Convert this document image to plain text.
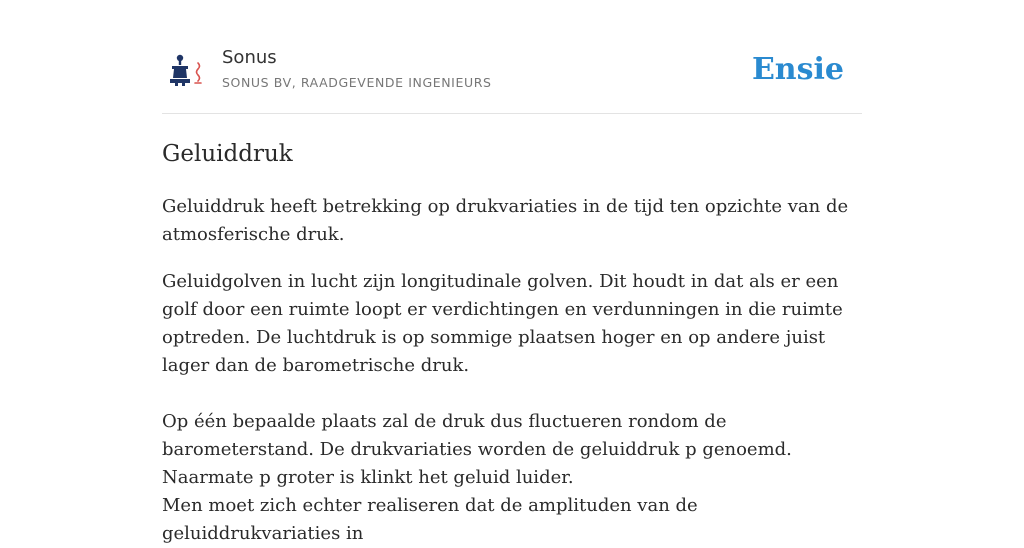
Sonus
SONUS BV, RAADGEVENDE INGENIEURS	Ensie
Geluiddruk

Geluiddruk heeft betrekking op drukvariaties in de tijd ten opzichte van de atmosferische druk.

Geluidgolven in lucht zijn longitudinale golven. Dit houdt in dat als er een golf door een ruimte loopt er verdichtingen en verdunningen in die ruimte optreden. De luchtdruk is op sommige plaatsen hoger en op andere juist lager dan de barometrische druk.

Op één bepaalde plaats zal de druk dus fluctueren rondom de barometerstand. De drukvariaties worden de geluiddruk p genoemd. Naarmate p groter is klinkt het geluid luider.
Men moet zich echter realiseren dat de amplituden van de geluiddrukvariaties in
